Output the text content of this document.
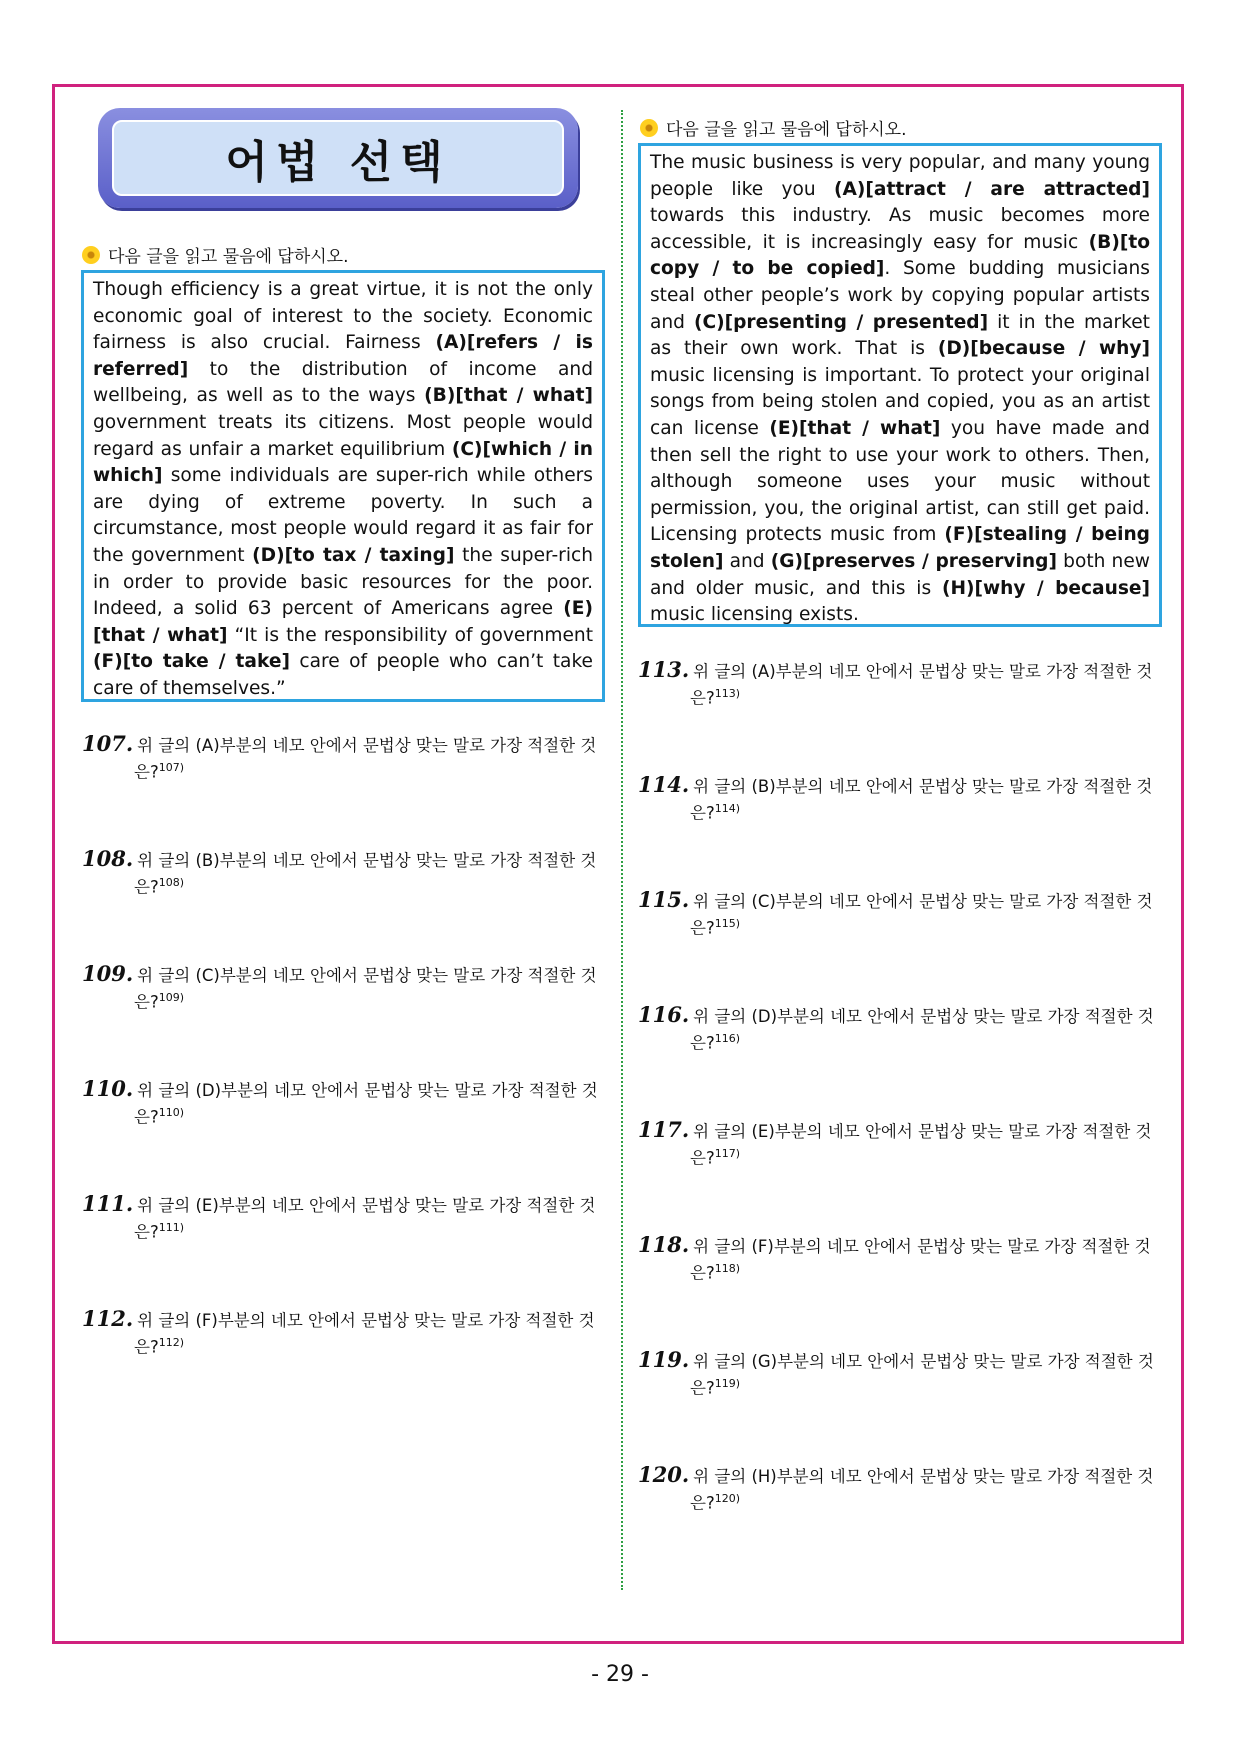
어법 선택
다음 글을 읽고 물음에 답하시오.
Though efficiency is a great virtue, it is not the only economic goal of interest to the society. Economic fairness is also crucial. Fairness (A)[refers / is referred] to the distribution of income and wellbeing, as well as to the ways (B)[that / what] government treats its citizens. Most people would regard as unfair a market equilibrium (C)[which / in which] some individuals are super-rich while others are dying of extreme poverty. In such a circumstance, most people would regard it as fair for the government (D)[to tax / taxing] the super-rich in order to provide basic resources for the poor. Indeed, a solid 63 percent of Americans agree (E)[that / what] “It is the responsibility of government (F)[to take / take] care of people who can’t take care of themselves.”
다음 글을 읽고 물음에 답하시오.
The music business is very popular, and many young people like you (A)[attract / are attracted] towards this industry. As music becomes more accessible, it is increasingly easy for music (B)[to copy / to be copied]. Some budding musicians steal other people’s work by copying popular artists and (C)[presenting / presented] it in the market as their own work. That is (D)[because / why] music licensing is important. To protect your original songs from being stolen and copied, you as an artist can license (E)[that / what] you have made and then sell the right to use your work to others. Then, although someone uses your music without permission, you, the original artist, can still get paid. Licensing protects music from (F)[stealing / being stolen] and (G)[preserves / preserving] both new and older music, and this is (H)[why / because] music licensing exists.
107. 위 글의 (A)부분의 네모 안에서 문법상 맞는 말로 가장 적절한 것
은?$^{107)}$
108. 위 글의 (B)부분의 네모 안에서 문법상 맞는 말로 가장 적절한 것
은?$^{108)}$
109. 위 글의 (C)부분의 네모 안에서 문법상 맞는 말로 가장 적절한 것
은?$^{109)}$
110. 위 글의 (D)부분의 네모 안에서 문법상 맞는 말로 가장 적절한 것
은?$^{110)}$
111. 위 글의 (E)부분의 네모 안에서 문법상 맞는 말로 가장 적절한 것
은?$^{111)}$
112. 위 글의 (F)부분의 네모 안에서 문법상 맞는 말로 가장 적절한 것
은?$^{112)}$
113. 위 글의 (A)부분의 네모 안에서 문법상 맞는 말로 가장 적절한 것
은?$^{113)}$
114. 위 글의 (B)부분의 네모 안에서 문법상 맞는 말로 가장 적절한 것
은?$^{114)}$
115. 위 글의 (C)부분의 네모 안에서 문법상 맞는 말로 가장 적절한 것
은?$^{115)}$
116. 위 글의 (D)부분의 네모 안에서 문법상 맞는 말로 가장 적절한 것
은?$^{116)}$
117. 위 글의 (E)부분의 네모 안에서 문법상 맞는 말로 가장 적절한 것
은?$^{117)}$
118. 위 글의 (F)부분의 네모 안에서 문법상 맞는 말로 가장 적절한 것
은?$^{118)}$
119. 위 글의 (G)부분의 네모 안에서 문법상 맞는 말로 가장 적절한 것
은?$^{119)}$
120. 위 글의 (H)부분의 네모 안에서 문법상 맞는 말로 가장 적절한 것
은?$^{120)}$
- 29 -
